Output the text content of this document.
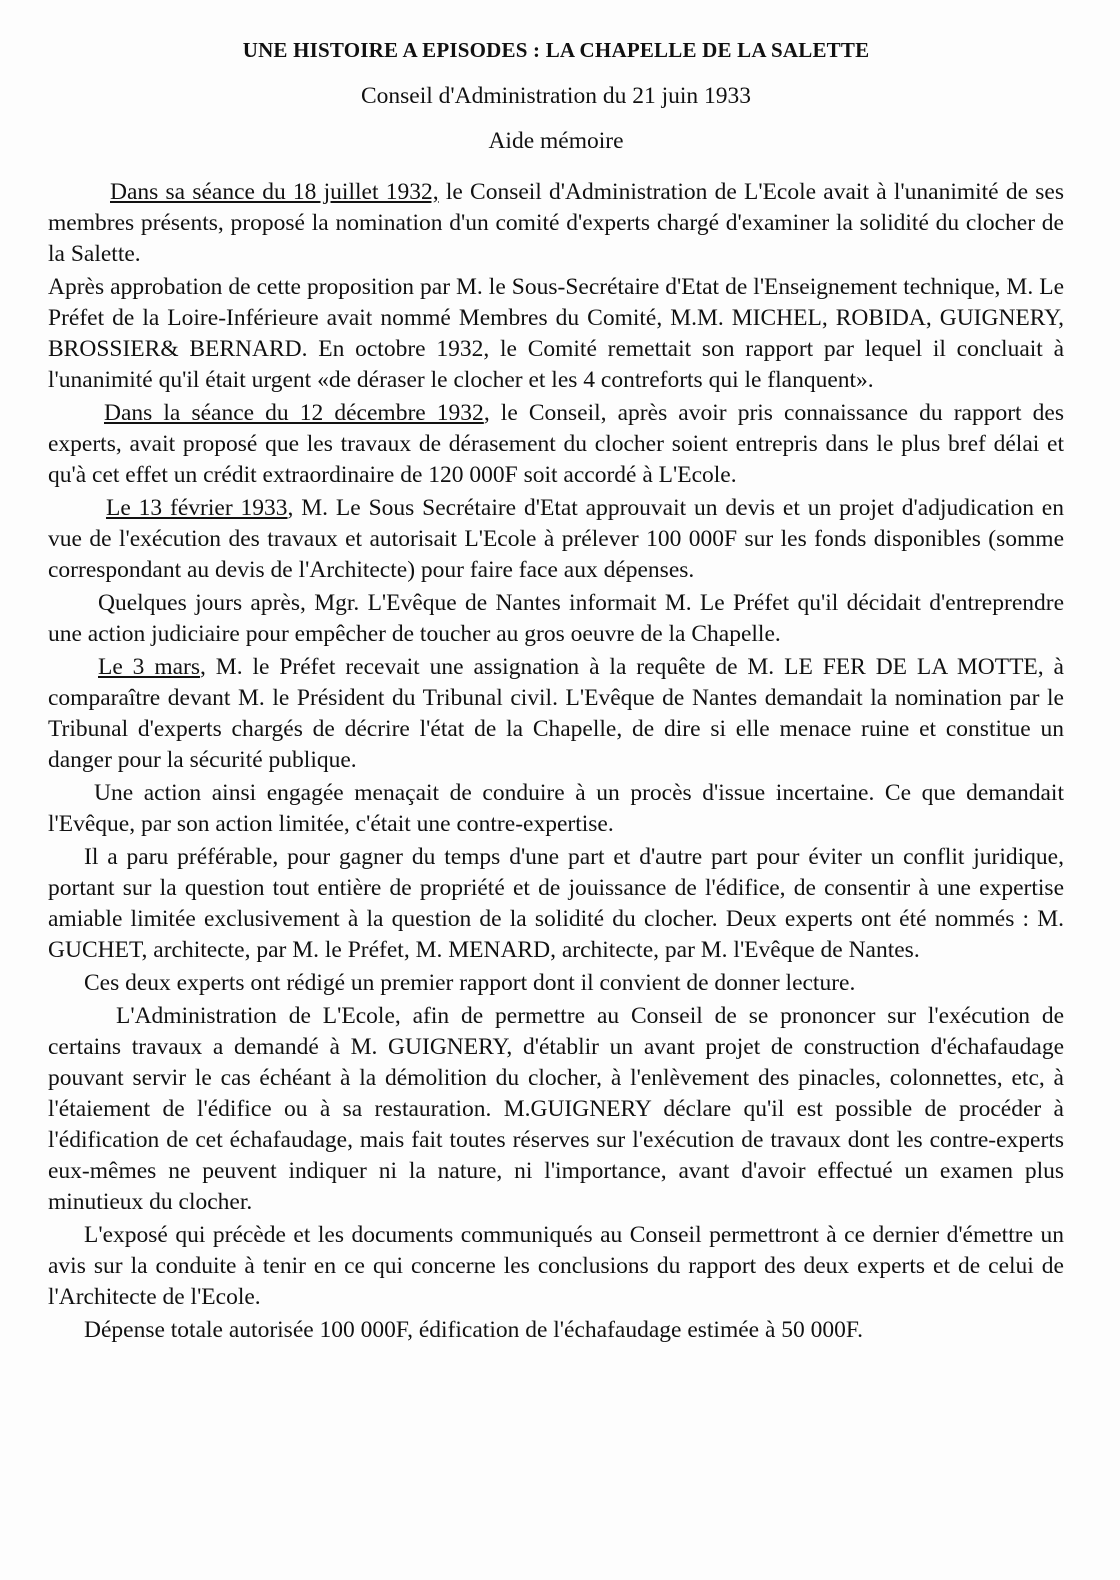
UNE HISTOIRE A EPISODES : LA CHAPELLE DE LA SALETTE
Conseil d'Administration du 21 juin 1933
Aide mémoire

Dans sa séance du 18 juillet 1932, le Conseil d'Administration de L'Ecole avait à l'unanimité de ses membres présents, proposé la nomination d'un comité d'experts chargé d'examiner la solidité du clocher de la Salette.

Après approbation de cette proposition par M. le Sous-Secrétaire d'Etat de l'Enseignement technique, M. Le Préfet de la Loire-Inférieure avait nommé Membres du Comité, M.M. MICHEL, ROBIDA, GUIGNERY, BROSSIER& BERNARD. En octobre 1932, le Comité remettait son rapport par lequel il concluait à l'unanimité qu'il était urgent «de déraser le clocher et les 4 contreforts qui le flanquent».

Dans la séance du 12 décembre 1932, le Conseil, après avoir pris connaissance du rapport des experts, avait proposé que les travaux de dérasement du clocher soient entrepris dans le plus bref délai et qu'à cet effet un crédit extraordinaire de 120 000F soit accordé à L'Ecole.

Le 13 février 1933, M. Le Sous Secrétaire d'Etat approuvait un devis et un projet d'adjudication en vue de l'exécution des travaux et autorisait L'Ecole à prélever 100 000F sur les fonds disponibles (somme correspondant au devis de l'Architecte) pour faire face aux dépenses.

Quelques jours après, Mgr. L'Evêque de Nantes informait M. Le Préfet qu'il décidait d'entreprendre une action judiciaire pour empêcher de toucher au gros oeuvre de la Chapelle.

Le 3 mars, M. le Préfet recevait une assignation à la requête de M. LE FER DE LA MOTTE, à comparaître devant M. le Président du Tribunal civil. L'Evêque de Nantes demandait la nomination par le Tribunal d'experts chargés de décrire l'état de la Chapelle, de dire si elle menace ruine et constitue un danger pour la sécurité publique.

Une action ainsi engagée menaçait de conduire à un procès d'issue incertaine. Ce que demandait l'Evêque, par son action limitée, c'était une contre-expertise.

Il a paru préférable, pour gagner du temps d'une part et d'autre part pour éviter un conflit juridique, portant sur la question tout entière de propriété et de jouissance de l'édifice, de consentir à une expertise amiable limitée exclusivement à la question de la solidité du clocher. Deux experts ont été nommés : M. GUCHET, architecte, par M. le Préfet, M. MENARD, architecte, par M. l'Evêque de Nantes.

Ces deux experts ont rédigé un premier rapport dont il convient de donner lecture.

L'Administration de L'Ecole, afin de permettre au Conseil de se prononcer sur l'exécution de certains travaux a demandé à M. GUIGNERY, d'établir un avant projet de construction d'échafaudage pouvant servir le cas échéant à la démolition du clocher, à l'enlèvement des pinacles, colonnettes, etc, à l'étaiement de l'édifice ou à sa restauration. M.GUIGNERY déclare qu'il est possible de procéder à l'édification de cet échafaudage, mais fait toutes réserves sur l'exécution de travaux dont les contre-experts eux-mêmes ne peuvent indiquer ni la nature, ni l'importance, avant d'avoir effectué un examen plus minutieux du clocher.

L'exposé qui précède et les documents communiqués au Conseil permettront à ce dernier d'émettre un avis sur la conduite à tenir en ce qui concerne les conclusions du rapport des deux experts et de celui de l'Architecte de l'Ecole.

Dépense totale autorisée 100 000F, édification de l'échafaudage estimée à 50 000F.
